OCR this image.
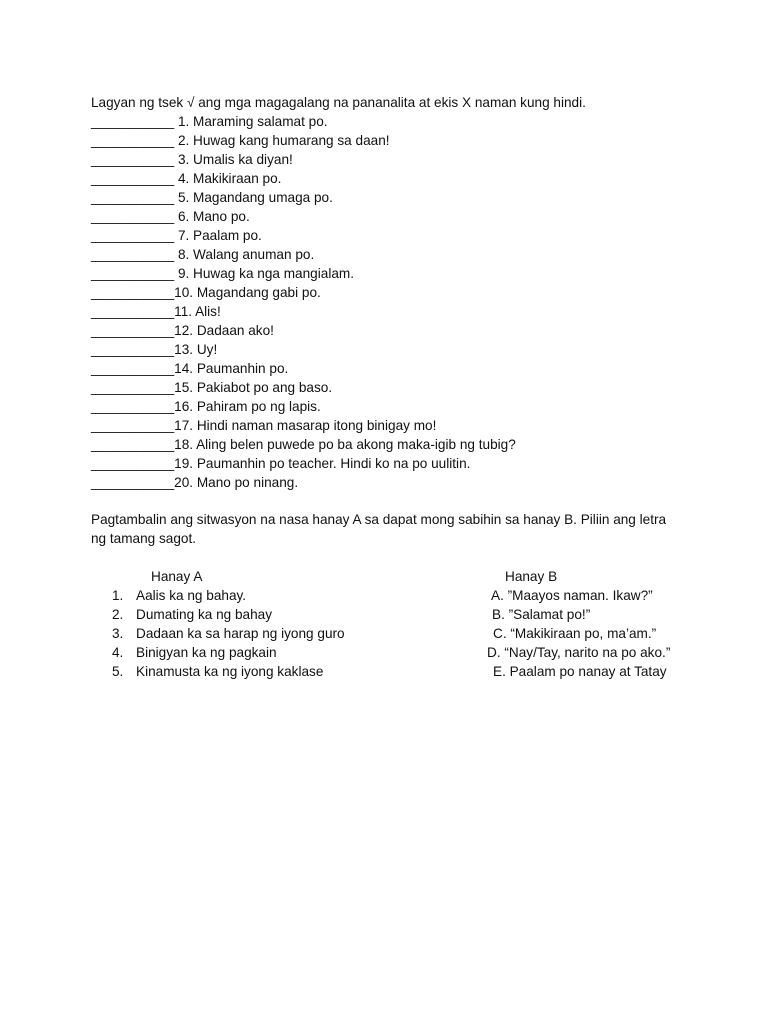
Lagyan ng tsek √ ang mga magagalang na pananalita at ekis X naman kung hindi.
___________ 1. Maraming salamat po.
___________ 2. Huwag kang humarang sa daan!
___________ 3. Umalis ka diyan!
___________ 4. Makikiraan po.
___________ 5. Magandang umaga po.
___________ 6. Mano po.
___________ 7. Paalam po.
___________ 8. Walang anuman po.
___________ 9. Huwag ka nga mangialam.
___________10. Magandang gabi po.
___________11. Alis!
___________12. Dadaan ako!
___________13. Uy!
___________14. Paumanhin po.
___________15. Pakiabot po ang baso.
___________16. Pahiram po ng lapis.
___________17. Hindi naman masarap itong binigay mo!
___________18. Aling belen puwede po ba akong maka-igib ng tubig?
___________19. Paumanhin po teacher. Hindi ko na po uulitin.
___________20. Mano po ninang.
Pagtambalin ang sitwasyon na nasa hanay A sa dapat mong sabihin sa hanay B. Piliin ang letra ng tamang sagot.
Hanay A	Hanay B
1. Aalis ka ng bahay.
2. Dumating ka ng bahay
3. Dadaan ka sa harap ng iyong guro
4. Binigyan ka ng pagkain
5. Kinamusta ka ng iyong kaklase
A. ”Maayos naman. Ikaw?”
B. ”Salamat po!”
C. “Makikiraan po, ma’am.”
D. “Nay/Tay, narito na po ako.”
E. Paalam po nanay at Tatay
